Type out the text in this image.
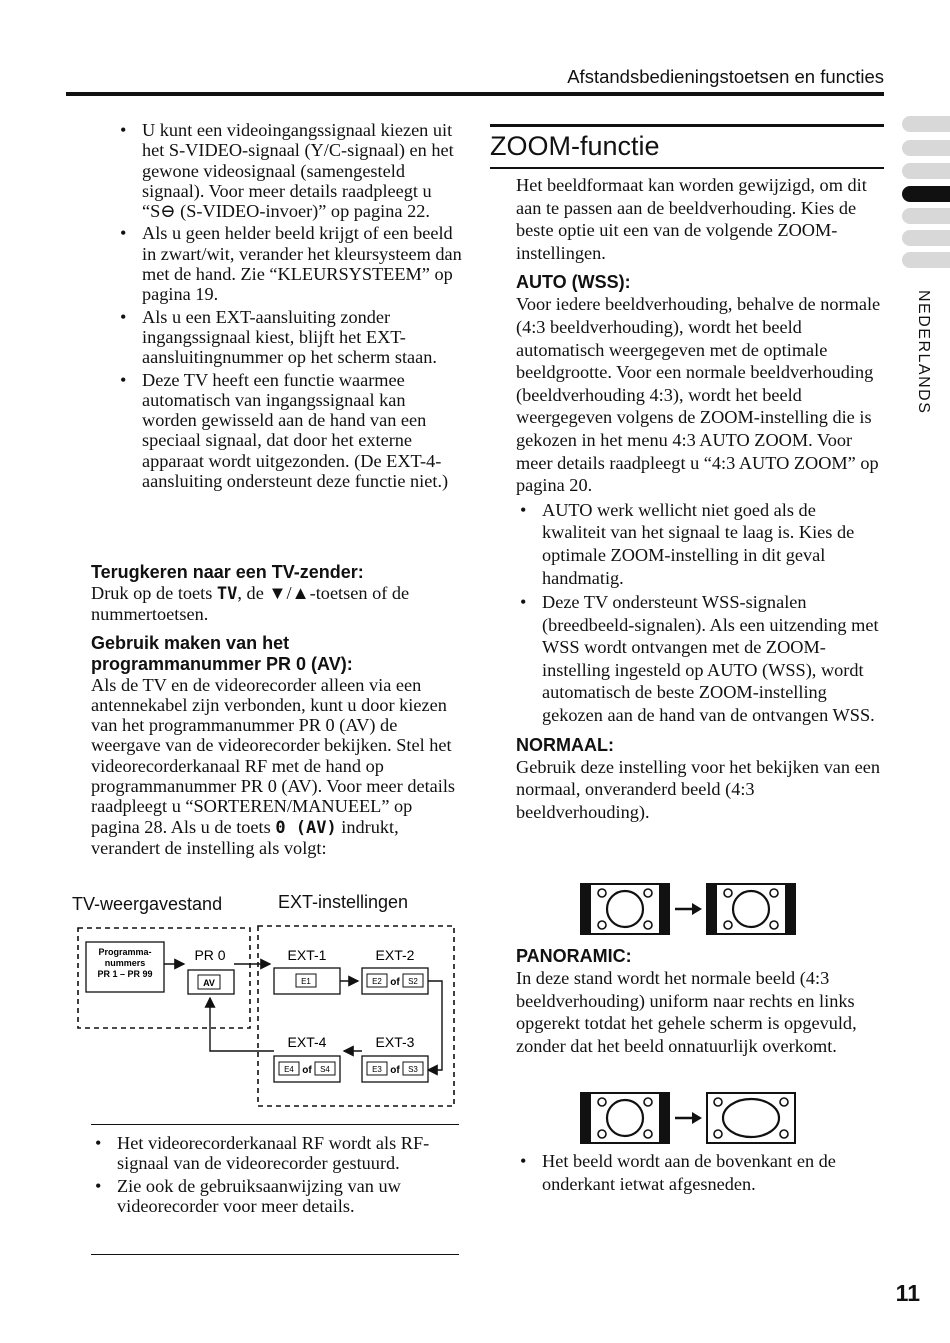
Afstandsbedieningstoetsen en functies
NEDERLANDS
• U kunt een videoingangssignaal kiezen uit het S-VIDEO-signaal (Y/C-signaal) en het gewone videosignaal (samengesteld signaal). Voor meer details raadpleegt u “S⊖ (S-VIDEO-invoer)” op pagina 22.
• Als u geen helder beeld krijgt of een beeld in zwart/wit, verander het kleursysteem dan met de hand. Zie “KLEURSYSTEEM” op pagina 19.
• Als u een EXT-aansluiting zonder ingangssignaal kiest, blijft het EXT-aansluitingnummer op het scherm staan.
• Deze TV heeft een functie waarmee automatisch van ingangssignaal kan worden gewisseld aan de hand van een speciaal signaal, dat door het externe apparaat wordt uitgezonden. (De EXT-4-aansluiting ondersteunt deze functie niet.)
Terugkeren naar een TV-zender:

Druk op de toets TV, de ▼/▲-toetsen of de nummertoetsen.

Gebruik maken van het programmanummer PR 0 (AV):

Als de TV en de videorecorder alleen via een antennekabel zijn verbonden, kunt u door kiezen van het programmanummer PR 0 (AV) de weergave van de videorecorder bekijken. Stel het videorecorderkanaal RF met de hand op programmanummer PR 0 (AV). Voor meer details raadpleegt u “SORTEREN/MANUEEL” op pagina 28. Als u de toets 0 (AV) indrukt, verandert de instelling als volgt:

TV-weergavestand	EXT-instellingen
Programma-
nummers
PR 1 – PR 99
PR 0
AV
EXT-1
E1
EXT-2
E2 of S2
EXT-3
E3 of S3
EXT-4
E4 of S4
• Het videorecorderkanaal RF wordt als RF-signaal van de videorecorder gestuurd.
• Zie ook de gebruiksaanwijzing van uw videorecorder voor meer details.
ZOOM-functie

Het beeldformaat kan worden gewijzigd, om dit aan te passen aan de beeldverhouding. Kies de beste optie uit een van de volgende ZOOM-instellingen.

AUTO (WSS):

Voor iedere beeldverhouding, behalve de normale (4:3 beeldverhouding), wordt het beeld automatisch weergegeven met de optimale beeldgrootte. Voor een normale beeldverhouding (beeldverhouding 4:3), wordt het beeld weergegeven volgens de ZOOM-instelling die is gekozen in het menu 4:3 AUTO ZOOM. Voor meer details raadpleegt u “4:3 AUTO ZOOM” op pagina 20.

• AUTO werk wellicht niet goed als de kwaliteit van het signaal te laag is. Kies de optimale ZOOM-instelling in dit geval handmatig.
• Deze TV ondersteunt WSS-signalen (breedbeeld-signalen). Als een uitzending met WSS wordt ontvangen met de ZOOM-instelling ingesteld op AUTO (WSS), wordt automatisch de beste ZOOM-instelling gekozen aan de hand van de ontvangen WSS.
NORMAAL:

Gebruik deze instelling voor het bekijken van een normaal, onveranderd beeld (4:3 beeldverhouding).

PANORAMIC:

In deze stand wordt het normale beeld (4:3 beeldverhouding) uniform naar rechts en links opgerekt totdat het gehele scherm is opgevuld, zonder dat het beeld onnatuurlijk overkomt.

• Het beeld wordt aan de bovenkant en de onderkant ietwat afgesneden.
11
